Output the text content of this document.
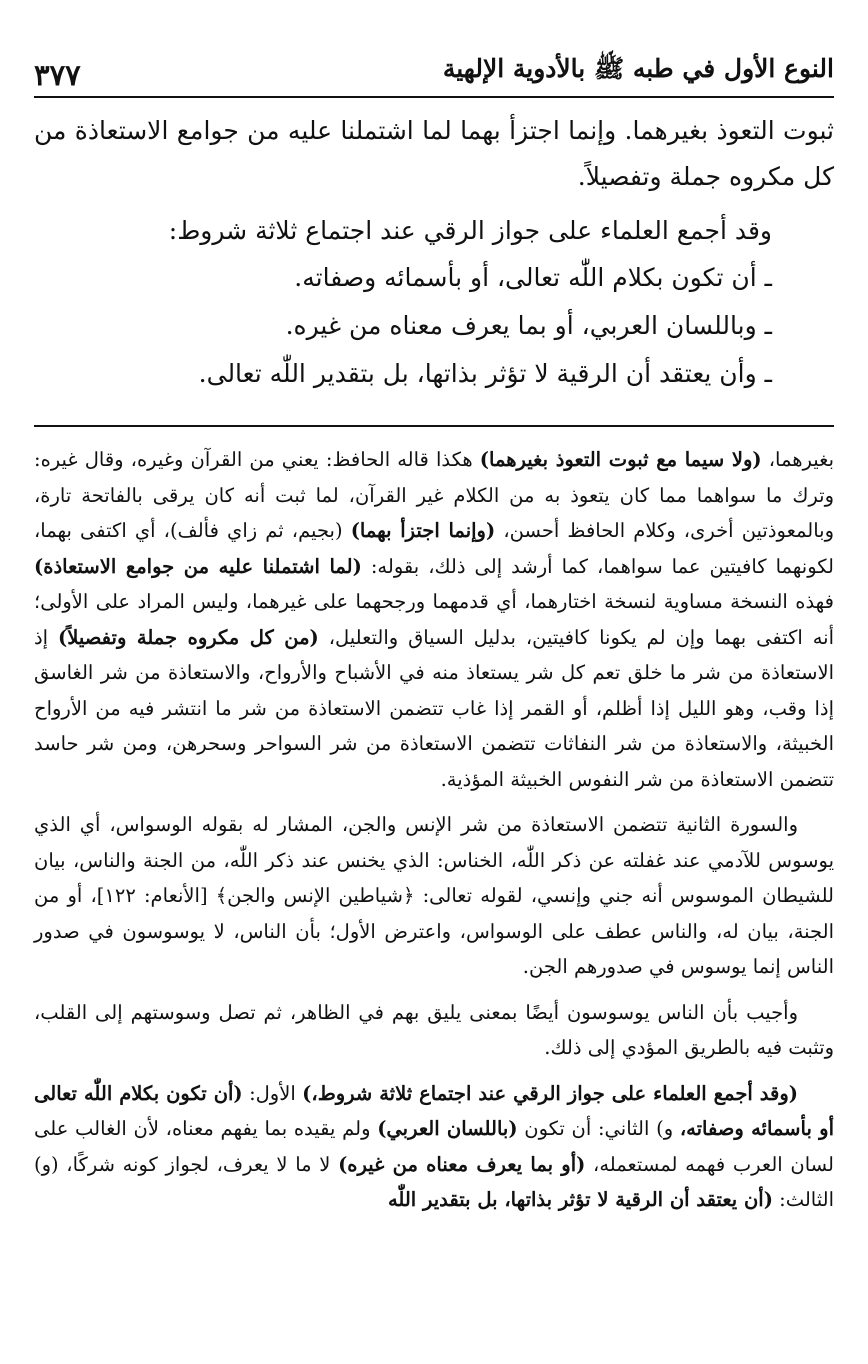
النوع الأول في طبه ﷺ بالأدوية الإلهية
٣٧٧

ثبوت التعوذ بغيرهما. وإنما اجتزأ بهما لما اشتملنا عليه من جوامع الاستعاذة من كل مكروه جملة وتفصيلاً.

وقد أجمع العلماء على جواز الرقي عند اجتماع ثلاثة شروط:

ـأن تكون بكلام اللّٰه تعالى، أو بأسمائه وصفاته.
ـوباللسان العربي، أو بما يعرف معناه من غيره.
ـوأن يعتقد أن الرقية لا تؤثر بذاتها، بل بتقدير اللّٰه تعالى.

بغيرهما، (ولا سيما مع ثبوت التعوذ بغيرهما) هكذا قاله الحافظ: يعني من القرآن وغيره، وقال غيره: وترك ما سواهما مما كان يتعوذ به من الكلام غير القرآن، لما ثبت أنه كان يرقى بالفاتحة تارة، وبالمعوذتين أخرى، وكلام الحافظ أحسن، (وإنما اجتزأ بهما) (بجيم، ثم زاي فألف)، أي اكتفى بهما، لكونهما كافيتين عما سواهما، كما أرشد إلى ذلك، بقوله: (لما اشتملنا عليه من جوامع الاستعاذة) فهذه النسخة مساوية لنسخة اختارهما، أي قدمهما ورجحهما على غيرهما، وليس المراد على الأولى؛ أنه اكتفى بهما وإن لم يكونا كافيتين، بدليل السياق والتعليل، (من كل مكروه جملة وتفصيلاً) إذ الاستعاذة من شر ما خلق تعم كل شر يستعاذ منه في الأشباح والأرواح، والاستعاذة من شر الغاسق إذا وقب، وهو الليل إذا أظلم، أو القمر إذا غاب تتضمن الاستعاذة من شر ما انتشر فيه من الأرواح الخبيثة، والاستعاذة من شر النفاثات تتضمن الاستعاذة من شر السواحر وسحرهن، ومن شر حاسد تتضمن الاستعاذة من شر النفوس الخبيثة المؤذية.

والسورة الثانية تتضمن الاستعاذة من شر الإنس والجن، المشار له بقوله الوسواس، أي الذي يوسوس للآدمي عند غفلته عن ذكر اللّٰه، الخناس: الذي يخنس عند ذكر اللّٰه، من الجنة والناس، بيان للشيطان الموسوس أنه جني وإنسي، لقوله تعالى: ﴿شياطين الإنس والجن﴾ [الأنعام: ١٢٢]، أو من الجنة، بيان له، والناس عطف على الوسواس، واعترض الأول؛ بأن الناس، لا يوسوسون في صدور الناس إنما يوسوس في صدورهم الجن.

وأجيب بأن الناس يوسوسون أيضًا بمعنى يليق بهم في الظاهر، ثم تصل وسوستهم إلى القلب، وتثبت فيه بالطريق المؤدي إلى ذلك.

(وقد أجمع العلماء على جواز الرقي عند اجتماع ثلاثة شروط،) الأول: (أن تكون بكلام اللّٰه تعالى أو بأسمائه وصفاته، و) الثاني: أن تكون (باللسان العربي) ولم يقيده بما يفهم معناه، لأن الغالب على لسان العرب فهمه لمستعمله، (أو بما يعرف معناه من غيره) لا ما لا يعرف، لجواز كونه شركًا، (و) الثالث: (أن يعتقد أن الرقية لا تؤثر بذاتها، بل بتقدير اللّٰه
